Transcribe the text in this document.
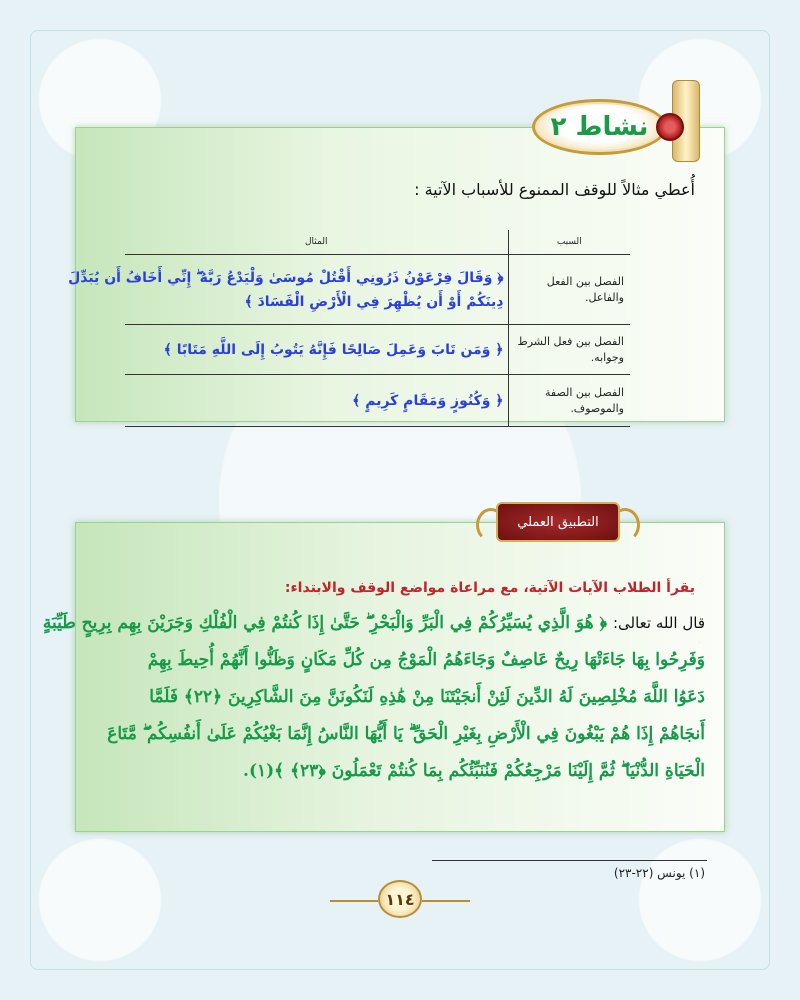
نشاط ٢
أُعطي مثالاً للوقف الممنوع للأسباب الآتية :
السبب	المثال
الفصل بين الفعل والفاعل.	﴿ وَقَالَ فِرْعَوْنُ ذَرُونِي أَقْتُلْ مُوسَىٰ وَلْيَدْعُ رَبَّهُ ۖ إِنِّي أَخَافُ أَن يُبَدِّلَ
دِينَكُمْ أَوْ أَن يُظْهِرَ فِي الْأَرْضِ الْفَسَادَ ﴾

الفصل بين فعل الشرط وجوابه.	﴿ وَمَن تَابَ وَعَمِلَ صَالِحًا فَإِنَّهُ يَتُوبُ إِلَى اللَّهِ مَتَابًا ﴾

الفصل بين الصفة والموصوف.	﴿ وَكُنُوزٍ وَمَقَامٍ كَرِيمٍ ﴾
التطبيق العملي
يقرأ الطلاب الآيات الآتية، مع مراعاة مواضع الوقف والابتداء:
قال الله تعالى: ﴿ هُوَ الَّذِي يُسَيِّرُكُمْ فِي الْبَرِّ وَالْبَحْرِ ۖ حَتَّىٰ إِذَا كُنتُمْ فِي الْفُلْكِ وَجَرَيْنَ بِهِم بِرِيحٍ طَيِّبَةٍ
وَفَرِحُوا بِهَا جَاءَتْهَا رِيحٌ عَاصِفٌ وَجَاءَهُمُ الْمَوْجُ مِن كُلِّ مَكَانٍ وَظَنُّوا أَنَّهُمْ أُحِيطَ بِهِمْ
دَعَوُا اللَّهَ مُخْلِصِينَ لَهُ الدِّينَ لَئِنْ أَنجَيْتَنَا مِنْ هَٰذِهِ لَنَكُونَنَّ مِنَ الشَّاكِرِينَ ﴿٢٢﴾ فَلَمَّا
أَنجَاهُمْ إِذَا هُمْ يَبْغُونَ فِي الْأَرْضِ بِغَيْرِ الْحَقِّ ۗ يَا أَيُّهَا النَّاسُ إِنَّمَا بَغْيُكُمْ عَلَىٰ أَنفُسِكُم ۖ مَّتَاعَ
الْحَيَاةِ الدُّنْيَا ۖ ثُمَّ إِلَيْنَا مَرْجِعُكُمْ فَنُنَبِّئُكُم بِمَا كُنتُمْ تَعْمَلُونَ ﴿٢٣﴾ ﴾(١).
(١) يونس (٢٢-٢٣)
١١٤
